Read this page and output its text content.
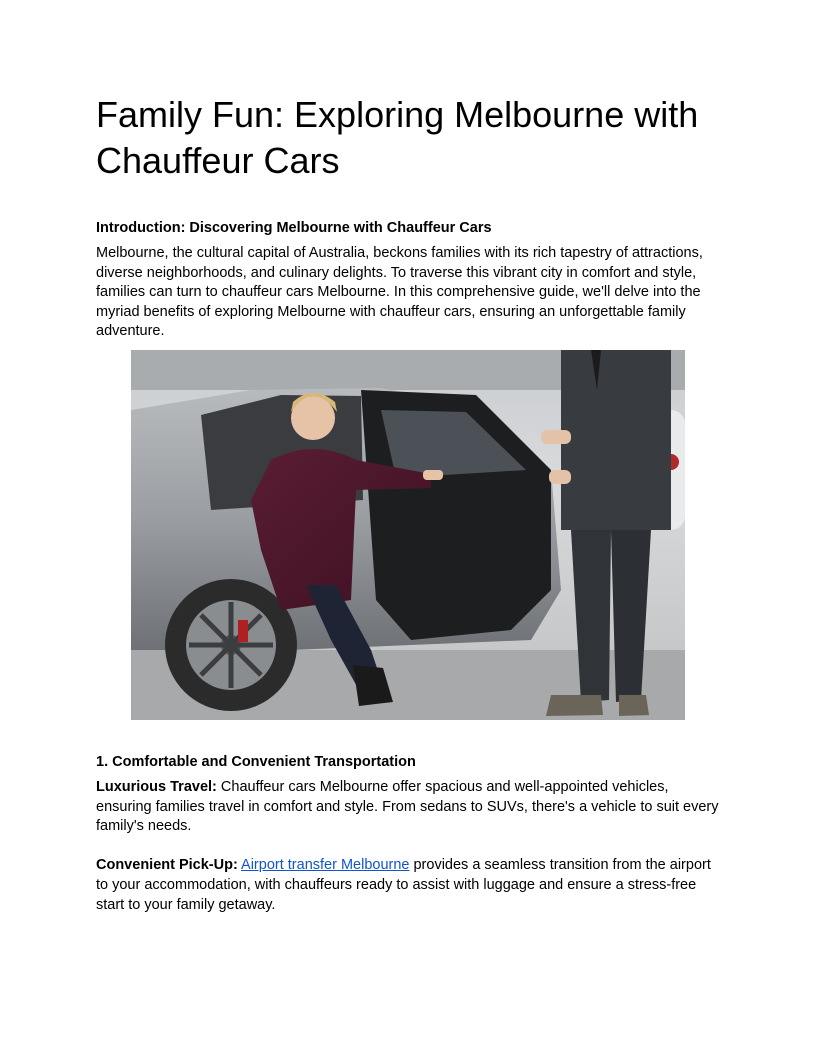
Family Fun: Exploring Melbourne with Chauffeur Cars
Introduction: Discovering Melbourne with Chauffeur Cars

Melbourne, the cultural capital of Australia, beckons families with its rich tapestry of attractions, diverse neighborhoods, and culinary delights. To traverse this vibrant city in comfort and style, families can turn to chauffeur cars Melbourne. In this comprehensive guide, we'll delve into the myriad benefits of exploring Melbourne with chauffeur cars, ensuring an unforgettable family adventure.

1. Comfortable and Convenient Transportation

Luxurious Travel: Chauffeur cars Melbourne offer spacious and well-appointed vehicles, ensuring families travel in comfort and style. From sedans to SUVs, there's a vehicle to suit every family's needs.

Convenient Pick-Up: Airport transfer Melbourne provides a seamless transition from the airport to your accommodation, with chauffeurs ready to assist with luggage and ensure a stress-free start to your family getaway.
